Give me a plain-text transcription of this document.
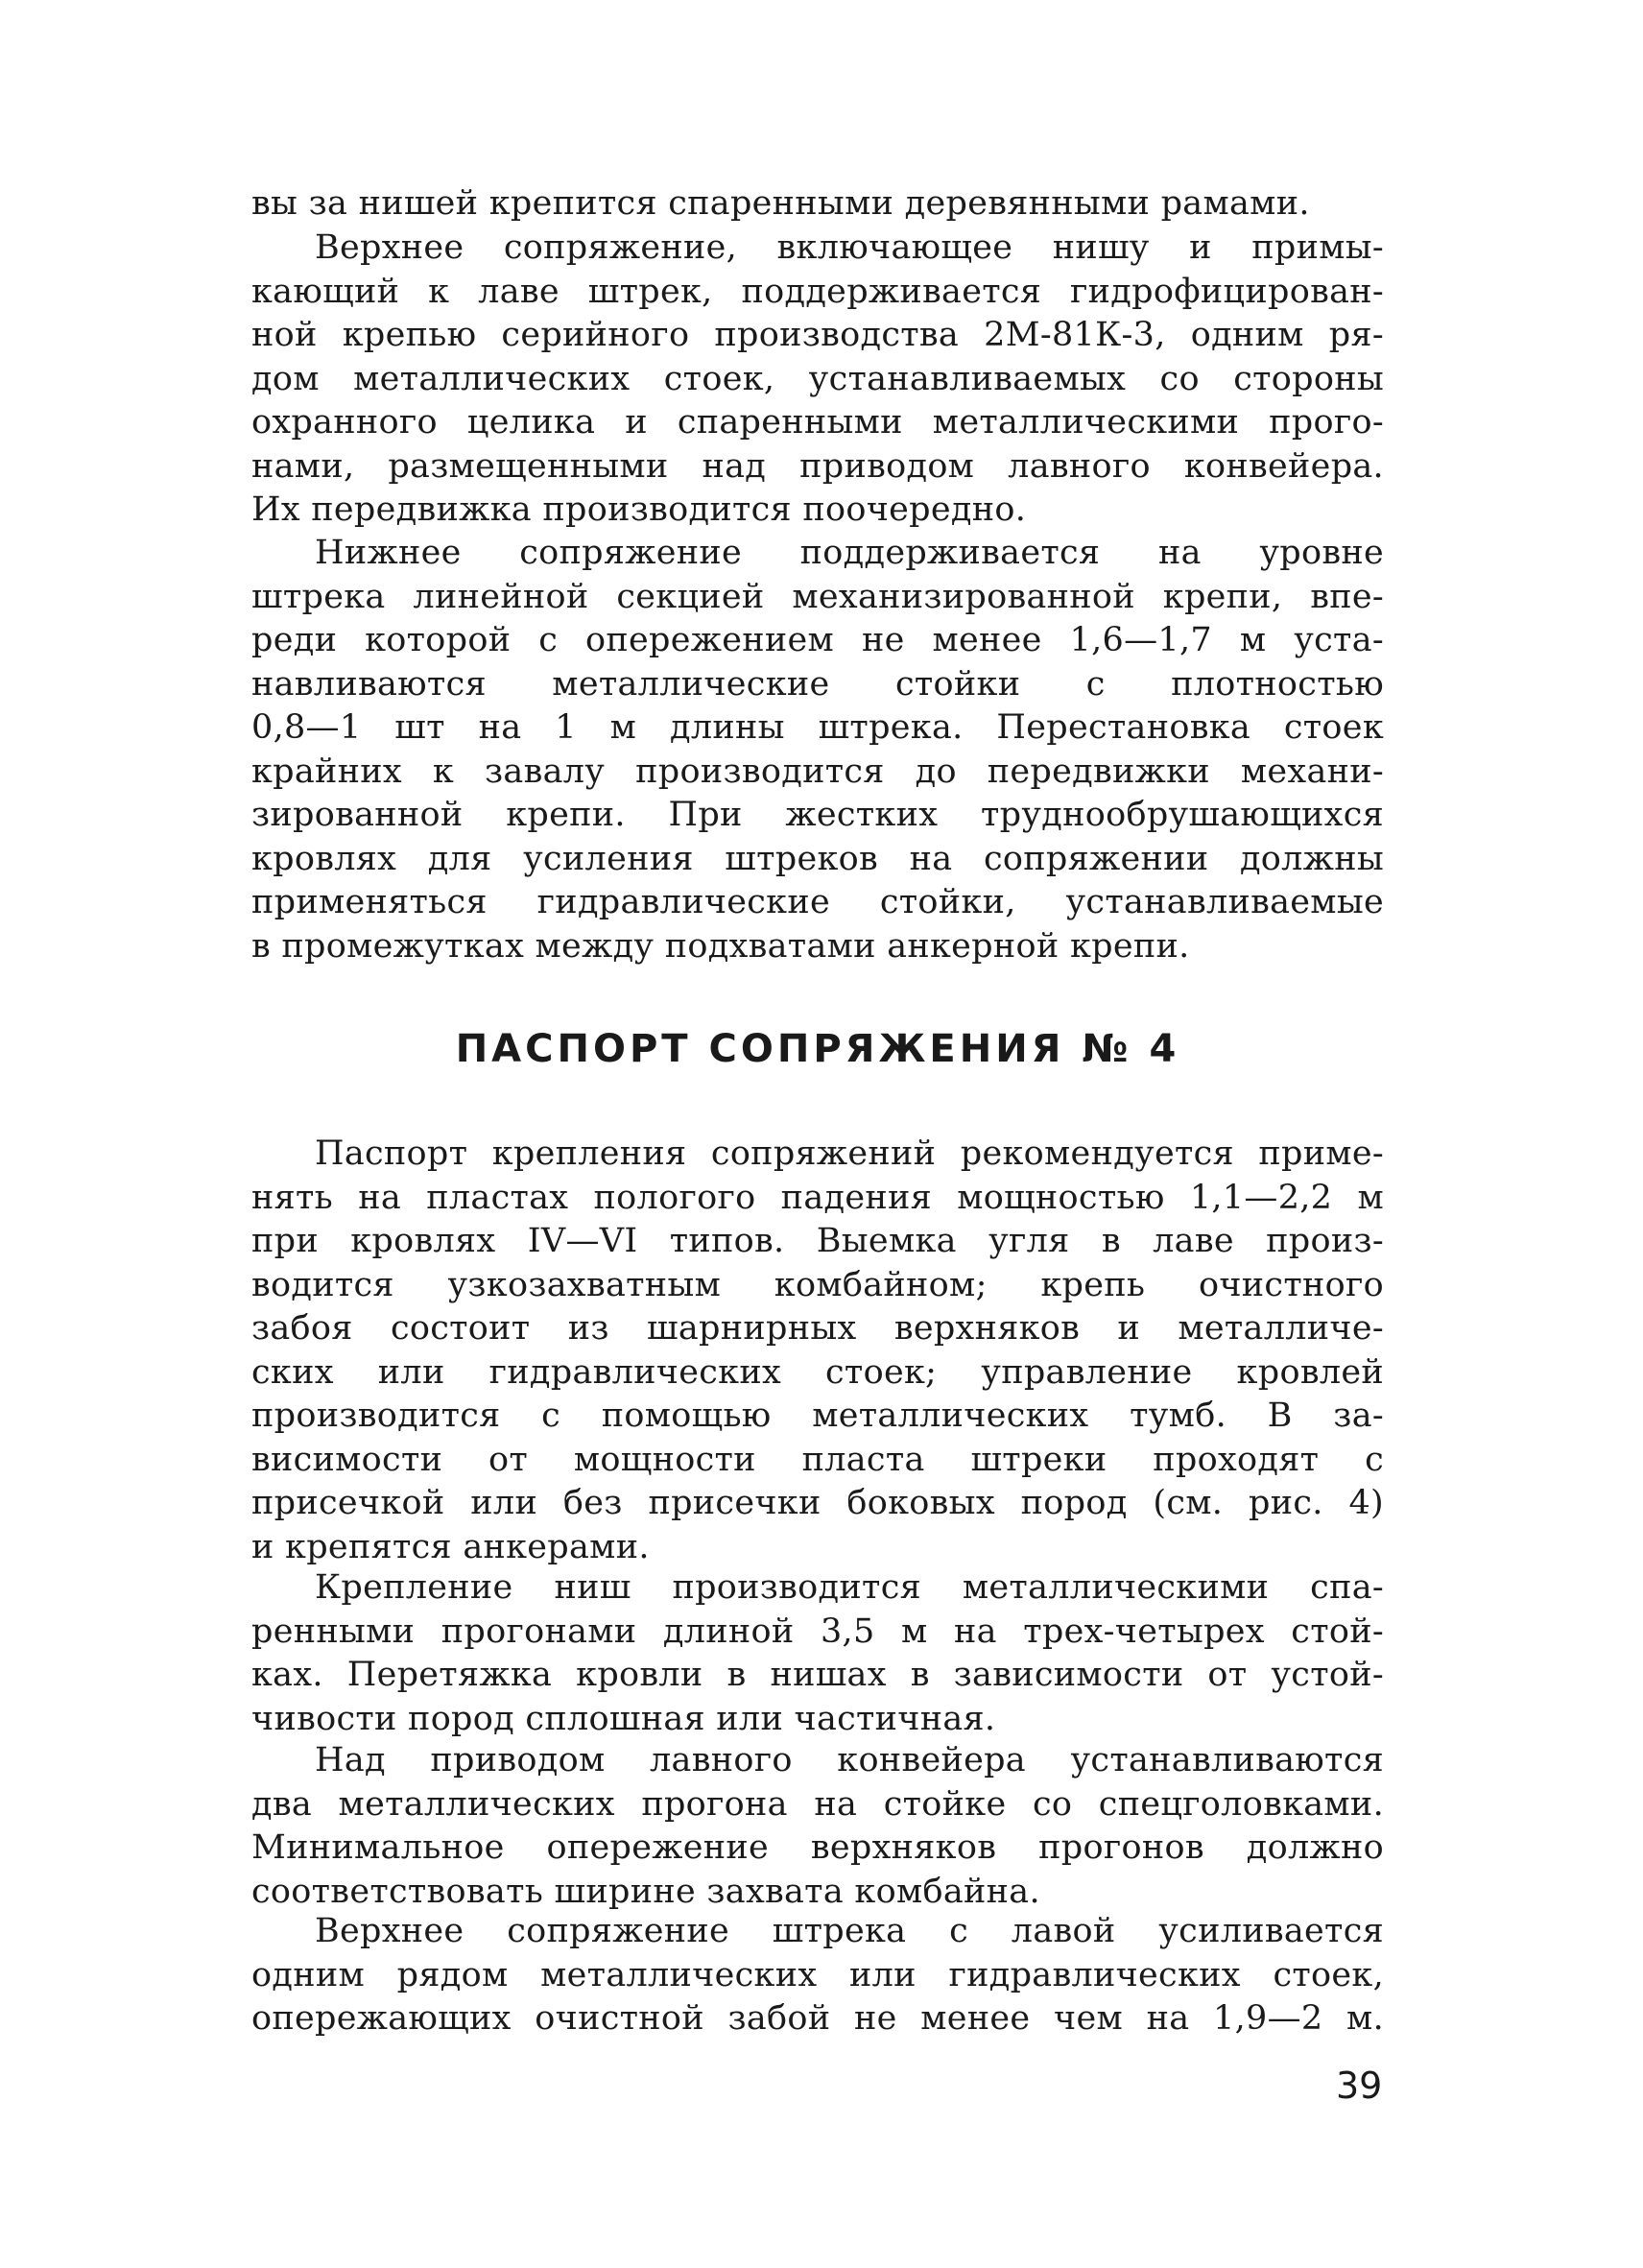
вы за нишей крепится спаренными деревянными рамами.
Верхнее сопряжение, включающее нишу и примы-
кающий к лаве штрек, поддерживается гидрофицирован-
ной крепью серийного производства 2М-81К-3, одним ря-
дом металлических стоек, устанавливаемых со стороны
охранного целика и спаренными металлическими прого-
нами, размещенными над приводом лавного конвейера.
Их передвижка производится поочередно.
Нижнее сопряжение поддерживается на уровне
штрека линейной секцией механизированной крепи, впе-
реди которой с опережением не менее 1,6—1,7 м уста-
навливаются металлические стойки с плотностью
0,8—1 шт на 1 м длины штрека. Перестановка стоек
крайних к завалу производится до передвижки механи-
зированной крепи. При жестких труднообрушающихся
кровлях для усиления штреков на сопряжении должны
применяться гидравлические стойки, устанавливаемые
в промежутках между подхватами анкерной крепи.
ПАСПОРТ СОПРЯЖЕНИЯ № 4
Паспорт крепления сопряжений рекомендуется приме-
нять на пластах пологого падения мощностью 1,1—2,2 м
при кровлях IV—VI типов. Выемка угля в лаве произ-
водится узкозахватным комбайном; крепь очистного
забоя состоит из шарнирных верхняков и металличе-
ских или гидравлических стоек; управление кровлей
производится с помощью металлических тумб. В за-
висимости от мощности пласта штреки проходят с
присечкой или без присечки боковых пород (см. рис. 4)
и крепятся анкерами.
Крепление ниш производится металлическими спа-
ренными прогонами длиной 3,5 м на трех-четырех стой-
ках. Перетяжка кровли в нишах в зависимости от устой-
чивости пород сплошная или частичная.
Над приводом лавного конвейера устанавливаются
два металлических прогона на стойке со спецголовками.
Минимальное опережение верхняков прогонов должно
соответствовать ширине захвата комбайна.
Верхнее сопряжение штрека с лавой усиливается
одним рядом металлических или гидравлических стоек,
опережающих очистной забой не менее чем на 1,9—2 м.
39
